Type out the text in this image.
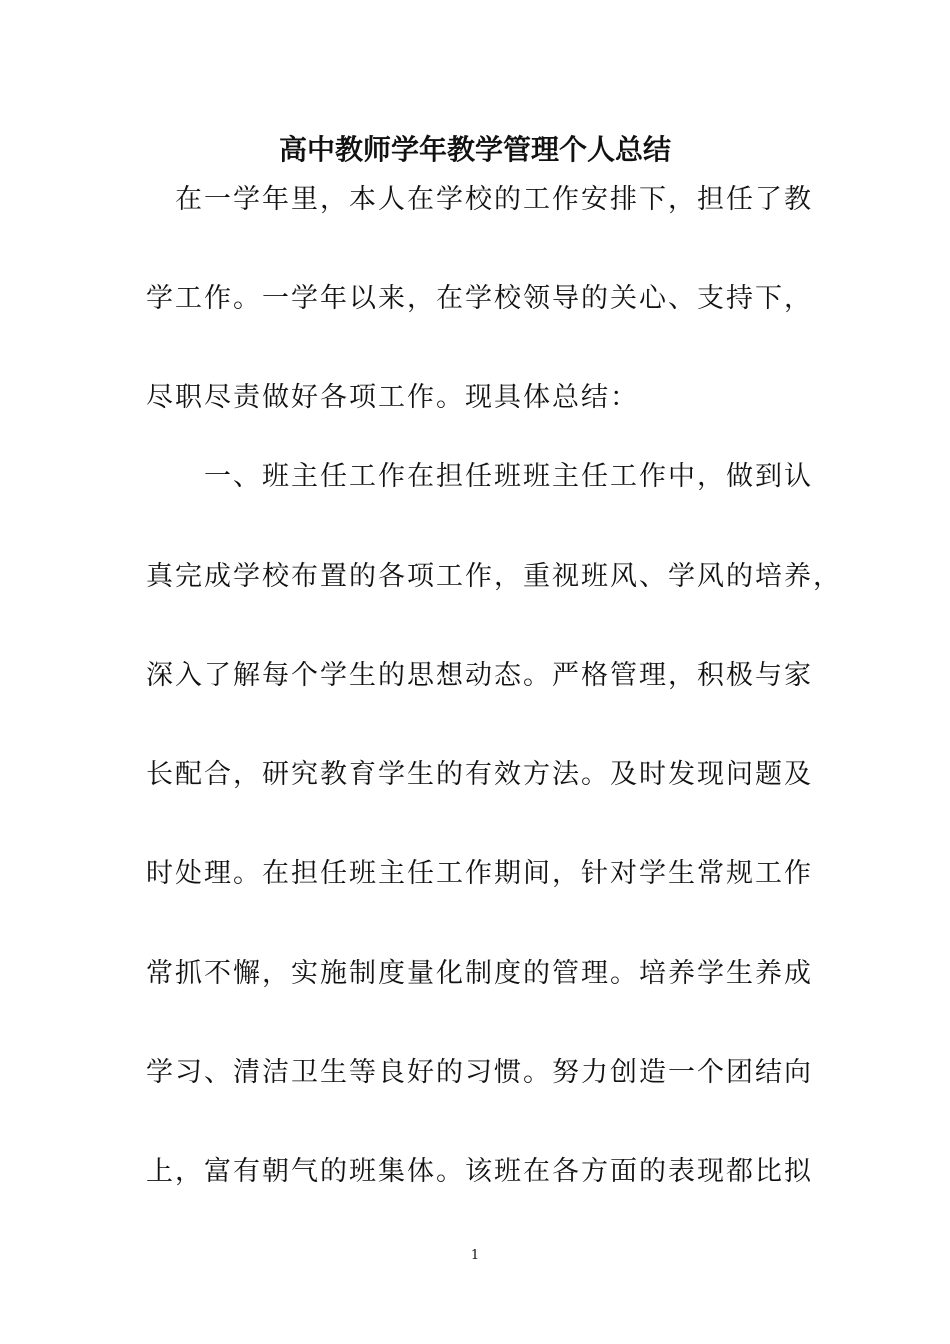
高中教师学年教学管理个人总结
　在一学年里，本人在学校的工作安排下，担任了教
学工作。一学年以来，在学校领导的关心、支持下，
尽职尽责做好各项工作。现具体总结：
　　一、班主任工作在担任班班主任工作中，做到认
真完成学校布置的各项工作，重视班风、学风的培养，
深入了解每个学生的思想动态。严格管理，积极与家
长配合，研究教育学生的有效方法。及时发现问题及
时处理。在担任班主任工作期间，针对学生常规工作
常抓不懈，实施制度量化制度的管理。培养学生养成
学习、清洁卫生等良好的习惯。努力创造一个团结向
上，富有朝气的班集体。该班在各方面的表现都比拟
1
